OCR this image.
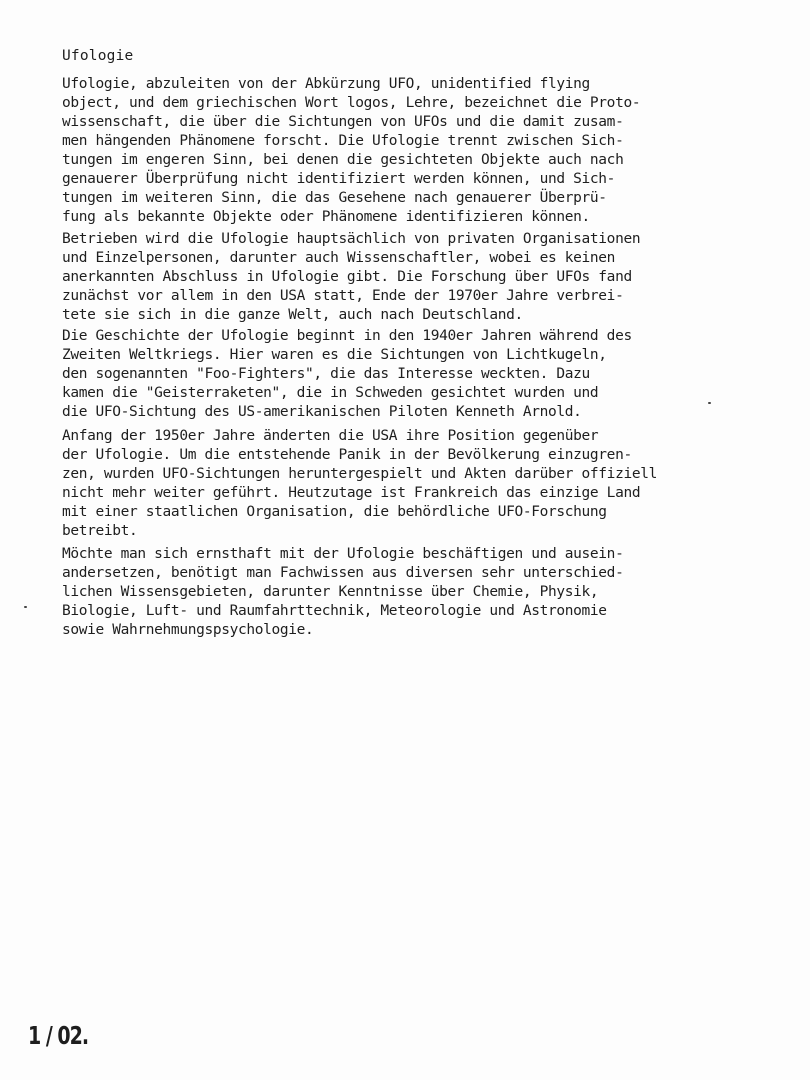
Ufologie
Ufologie, abzuleiten von der Abkürzung UFO, unidentified flying
object, und dem griechischen Wort logos, Lehre, bezeichnet die Proto-
wissenschaft, die über die Sichtungen von UFOs und die damit zusam-
men hängenden Phänomene forscht. Die Ufologie trennt zwischen Sich-
tungen im engeren Sinn, bei denen die gesichteten Objekte auch nach
genauerer Überprüfung nicht identifiziert werden können, und Sich-
tungen im weiteren Sinn, die das Gesehene nach genauerer Überprü-
fung als bekannte Objekte oder Phänomene identifizieren können.
Betrieben wird die Ufologie hauptsächlich von privaten Organisationen
und Einzelpersonen, darunter auch Wissenschaftler, wobei es keinen
anerkannten Abschluss in Ufologie gibt. Die Forschung über UFOs fand
zunächst vor allem in den USA statt, Ende der 1970er Jahre verbrei-
tete sie sich in die ganze Welt, auch nach Deutschland.
Die Geschichte der Ufologie beginnt in den 1940er Jahren während des
Zweiten Weltkriegs. Hier waren es die Sichtungen von Lichtkugeln,
den sogenannten "Foo-Fighters", die das Interesse weckten. Dazu
kamen die "Geisterraketen", die in Schweden gesichtet wurden und
die UFO-Sichtung des US-amerikanischen Piloten Kenneth Arnold.
Anfang der 1950er Jahre änderten die USA ihre Position gegenüber
der Ufologie. Um die entstehende Panik in der Bevölkerung einzugren-
zen, wurden UFO-Sichtungen heruntergespielt und Akten darüber offiziell
nicht mehr weiter geführt. Heutzutage ist Frankreich das einzige Land
mit einer staatlichen Organisation, die behördliche UFO-Forschung
betreibt.
Möchte man sich ernsthaft mit der Ufologie beschäftigen und ausein-
andersetzen, benötigt man Fachwissen aus diversen sehr unterschied-
lichen Wissensgebieten, darunter Kenntnisse über Chemie, Physik,
Biologie, Luft- und Raumfahrttechnik, Meteorologie und Astronomie
sowie Wahrnehmungspsychologie.
1 / 02.
